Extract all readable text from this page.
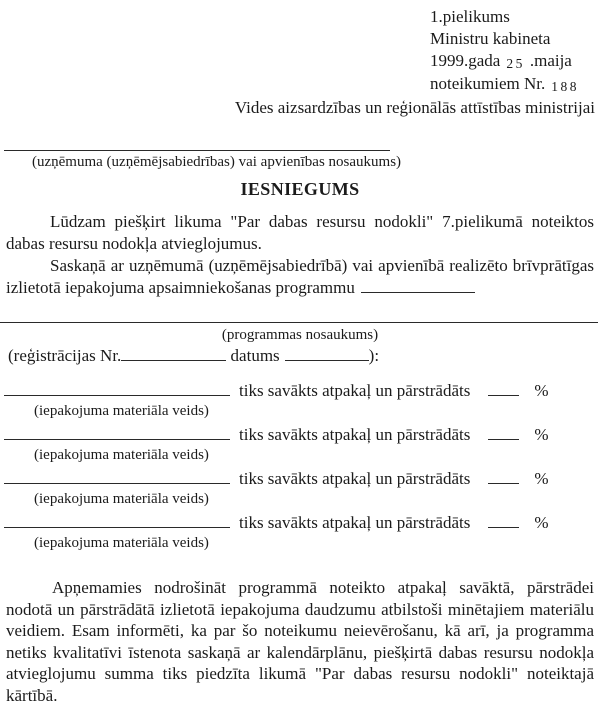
1.pielikums
Ministru kabineta
1999.gada 25 .maija
noteikumiem Nr. 188
Vides aizsardzības un reģionālās attīstības ministrijai
(uzņēmuma (uzņēmējsabiedrības) vai apvienības nosaukums)
IESNIEGUMS

Lūdzam piešķirt likuma "Par dabas resursu nodokli" 7.pielikumā noteiktos dabas resursu nodokļa atvieglojumus.

Saskaņā ar uzņēmumā (uzņēmējsabiedrībā) vai apvienībā realizēto brīvprātīgas izlietotā iepakojuma apsaimniekošanas programmu

(programmas nosaukums)
(reģistrācijas Nr.	datums	):
tiks savākts atpakaļ un pārstrādāts	%
(iepakojuma materiāla veids)
tiks savākts atpakaļ un pārstrādāts	%
(iepakojuma materiāla veids)
tiks savākts atpakaļ un pārstrādāts	%
(iepakojuma materiāla veids)
tiks savākts atpakaļ un pārstrādāts	%
(iepakojuma materiāla veids)

Apņemamies nodrošināt programmā noteikto atpakaļ savāktā, pārstrādei nodotā un pārstrādātā izlietotā iepakojuma daudzumu atbilstoši minētajiem materiālu veidiem. Esam informēti, ka par šo noteikumu neievērošanu, kā arī, ja programma netiks kvalitatīvi īstenota saskaņā ar kalendārplānu, piešķirtā dabas resursu nodokļa atvieglojumu summa tiks piedzīta likumā "Par dabas resursu nodokli" noteiktajā kārtībā.
